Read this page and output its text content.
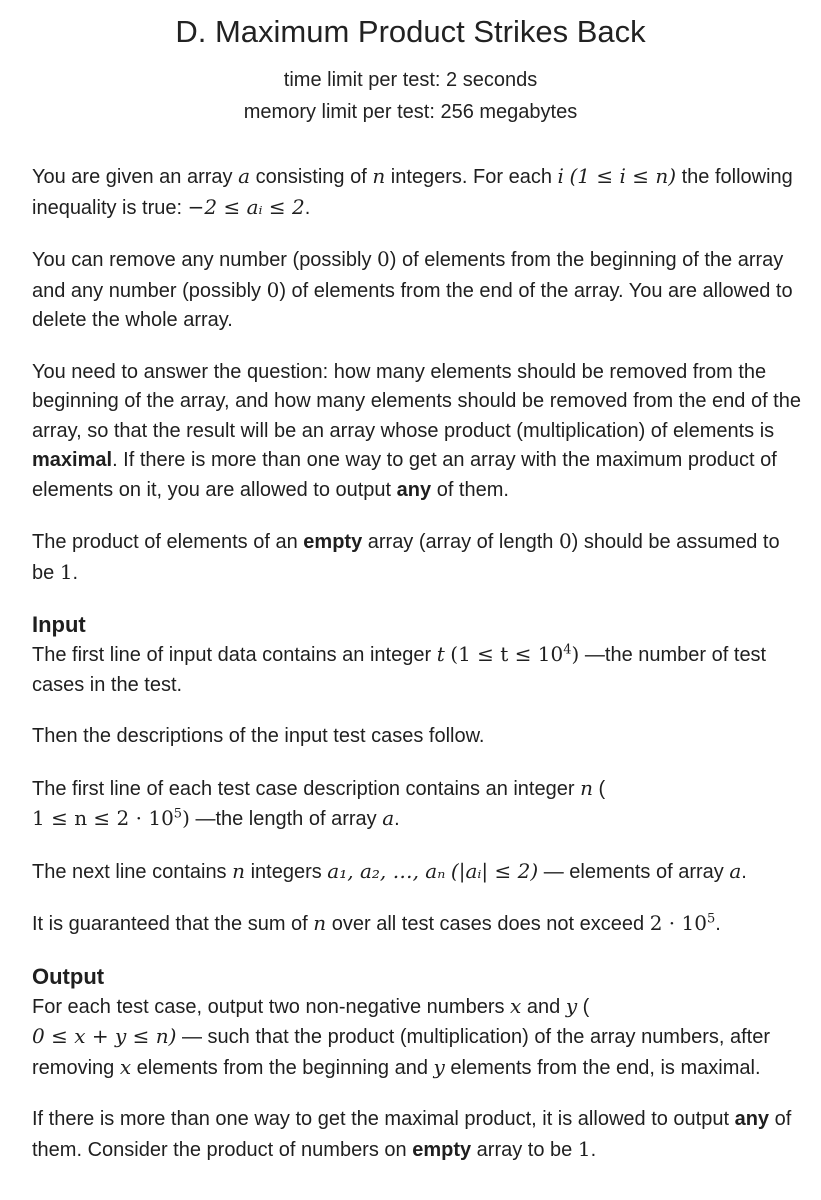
D. Maximum Product Strikes Back
time limit per test: 2 seconds
memory limit per test: 256 megabytes

You are given an array a consisting of n integers. For each i (1 ≤ i ≤ n) the following inequality is true: −2 ≤ aᵢ ≤ 2.

You can remove any number (possibly 0) of elements from the beginning of the array and any number (possibly 0) of elements from the end of the array. You are allowed to delete the whole array.

You need to answer the question: how many elements should be removed from the beginning of the array, and how many elements should be removed from the end of the array, so that the result will be an array whose product (multiplication) of elements is maximal. If there is more than one way to get an array with the maximum product of elements on it, you are allowed to output any of them.

The product of elements of an empty array (array of length 0) should be assumed to be 1.

Input

The first line of input data contains an integer t $(1 \le t \le 10^4)$ —the number of test cases in the test.

Then the descriptions of the input test cases follow.

The first line of each test case description contains an integer n (
$1 \le n \le 2 \cdot 10^5$) —the length of array a.

The next line contains n integers a₁, a₂, …, aₙ (|aᵢ| ≤ 2) — elements of array a.

It is guaranteed that the sum of n over all test cases does not exceed $2 \cdot 10^5$.

Output

For each test case, output two non-negative numbers x and y (
0 ≤ x + y ≤ n) — such that the product (multiplication) of the array numbers, after removing x elements from the beginning and y elements from the end, is maximal.

If there is more than one way to get the maximal product, it is allowed to output any of them. Consider the product of numbers on empty array to be 1.
